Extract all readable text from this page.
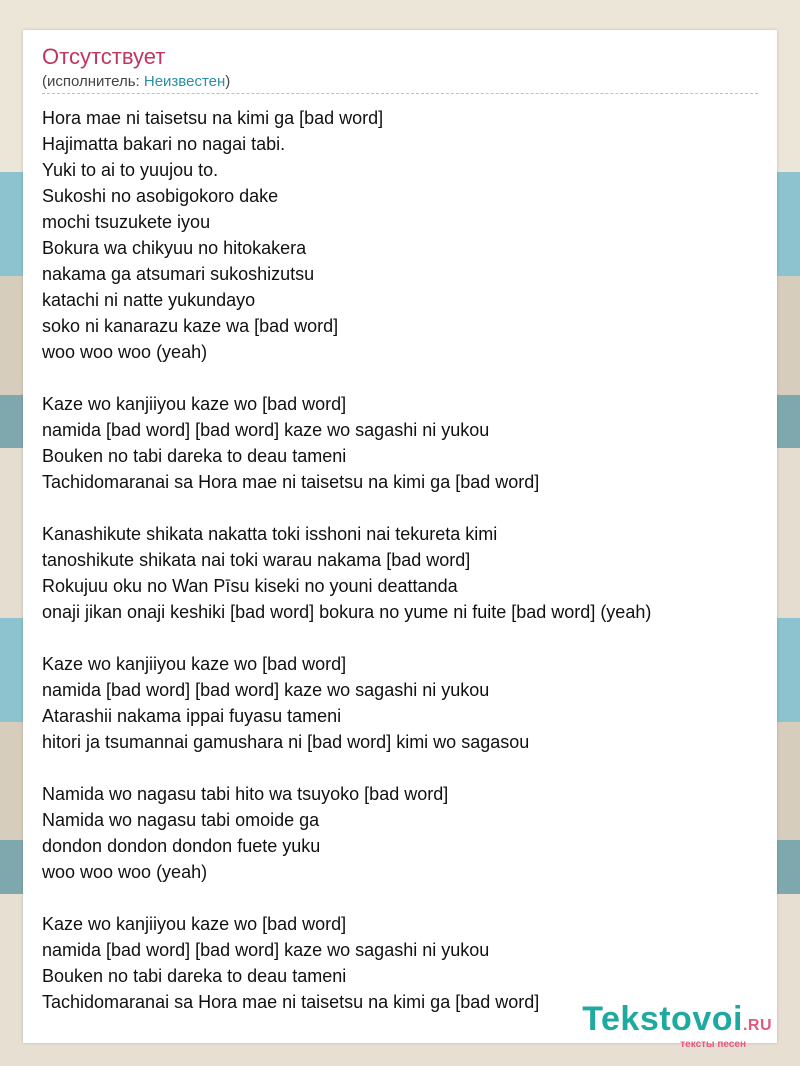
Отсутствует
(исполнитель: Неизвестен)
Hora mae ni taisetsu na kimi ga [bad word]
Hajimatta bakari no nagai tabi.
Yuki to ai to yuujou to.
Sukoshi no asobigokoro dake
mochi tsuzukete iyou
Bokura wa chikyuu no hitokakera
nakama ga atsumari sukoshizutsu
katachi ni natte yukundayo
soko ni kanarazu kaze wa [bad word]
woo woo woo (yeah)
Kaze wo kanjiiyou kaze wo [bad word]
namida [bad word] [bad word] kaze wo sagashi ni yukou
Bouken no tabi dareka to deau tameni
Tachidomaranai sa Hora mae ni taisetsu na kimi ga [bad word]
Kanashikute shikata nakatta toki isshoni nai tekureta kimi
tanoshikute shikata nai toki warau nakama [bad word]
Rokujuu oku no Wan Pīsu kiseki no youni deattanda
onaji jikan onaji keshiki [bad word] bokura no yume ni fuite [bad word] (yeah)
Kaze wo kanjiiyou kaze wo [bad word]
namida [bad word] [bad word] kaze wo sagashi ni yukou
Atarashii nakama ippai fuyasu tameni
hitori ja tsumannai gamushara ni [bad word] kimi wo sagasou
Namida wo nagasu tabi hito wa tsuyoko [bad word]
Namida wo nagasu tabi omoide ga
dondon dondon dondon fuete yuku
woo woo woo (yeah)
Kaze wo kanjiiyou kaze wo [bad word]
namida [bad word] [bad word] kaze wo sagashi ni yukou
Bouken no tabi dareka to deau tameni
Tachidomaranai sa Hora mae ni taisetsu na kimi ga [bad word]	Tekstovoi.RU
тексты песен
